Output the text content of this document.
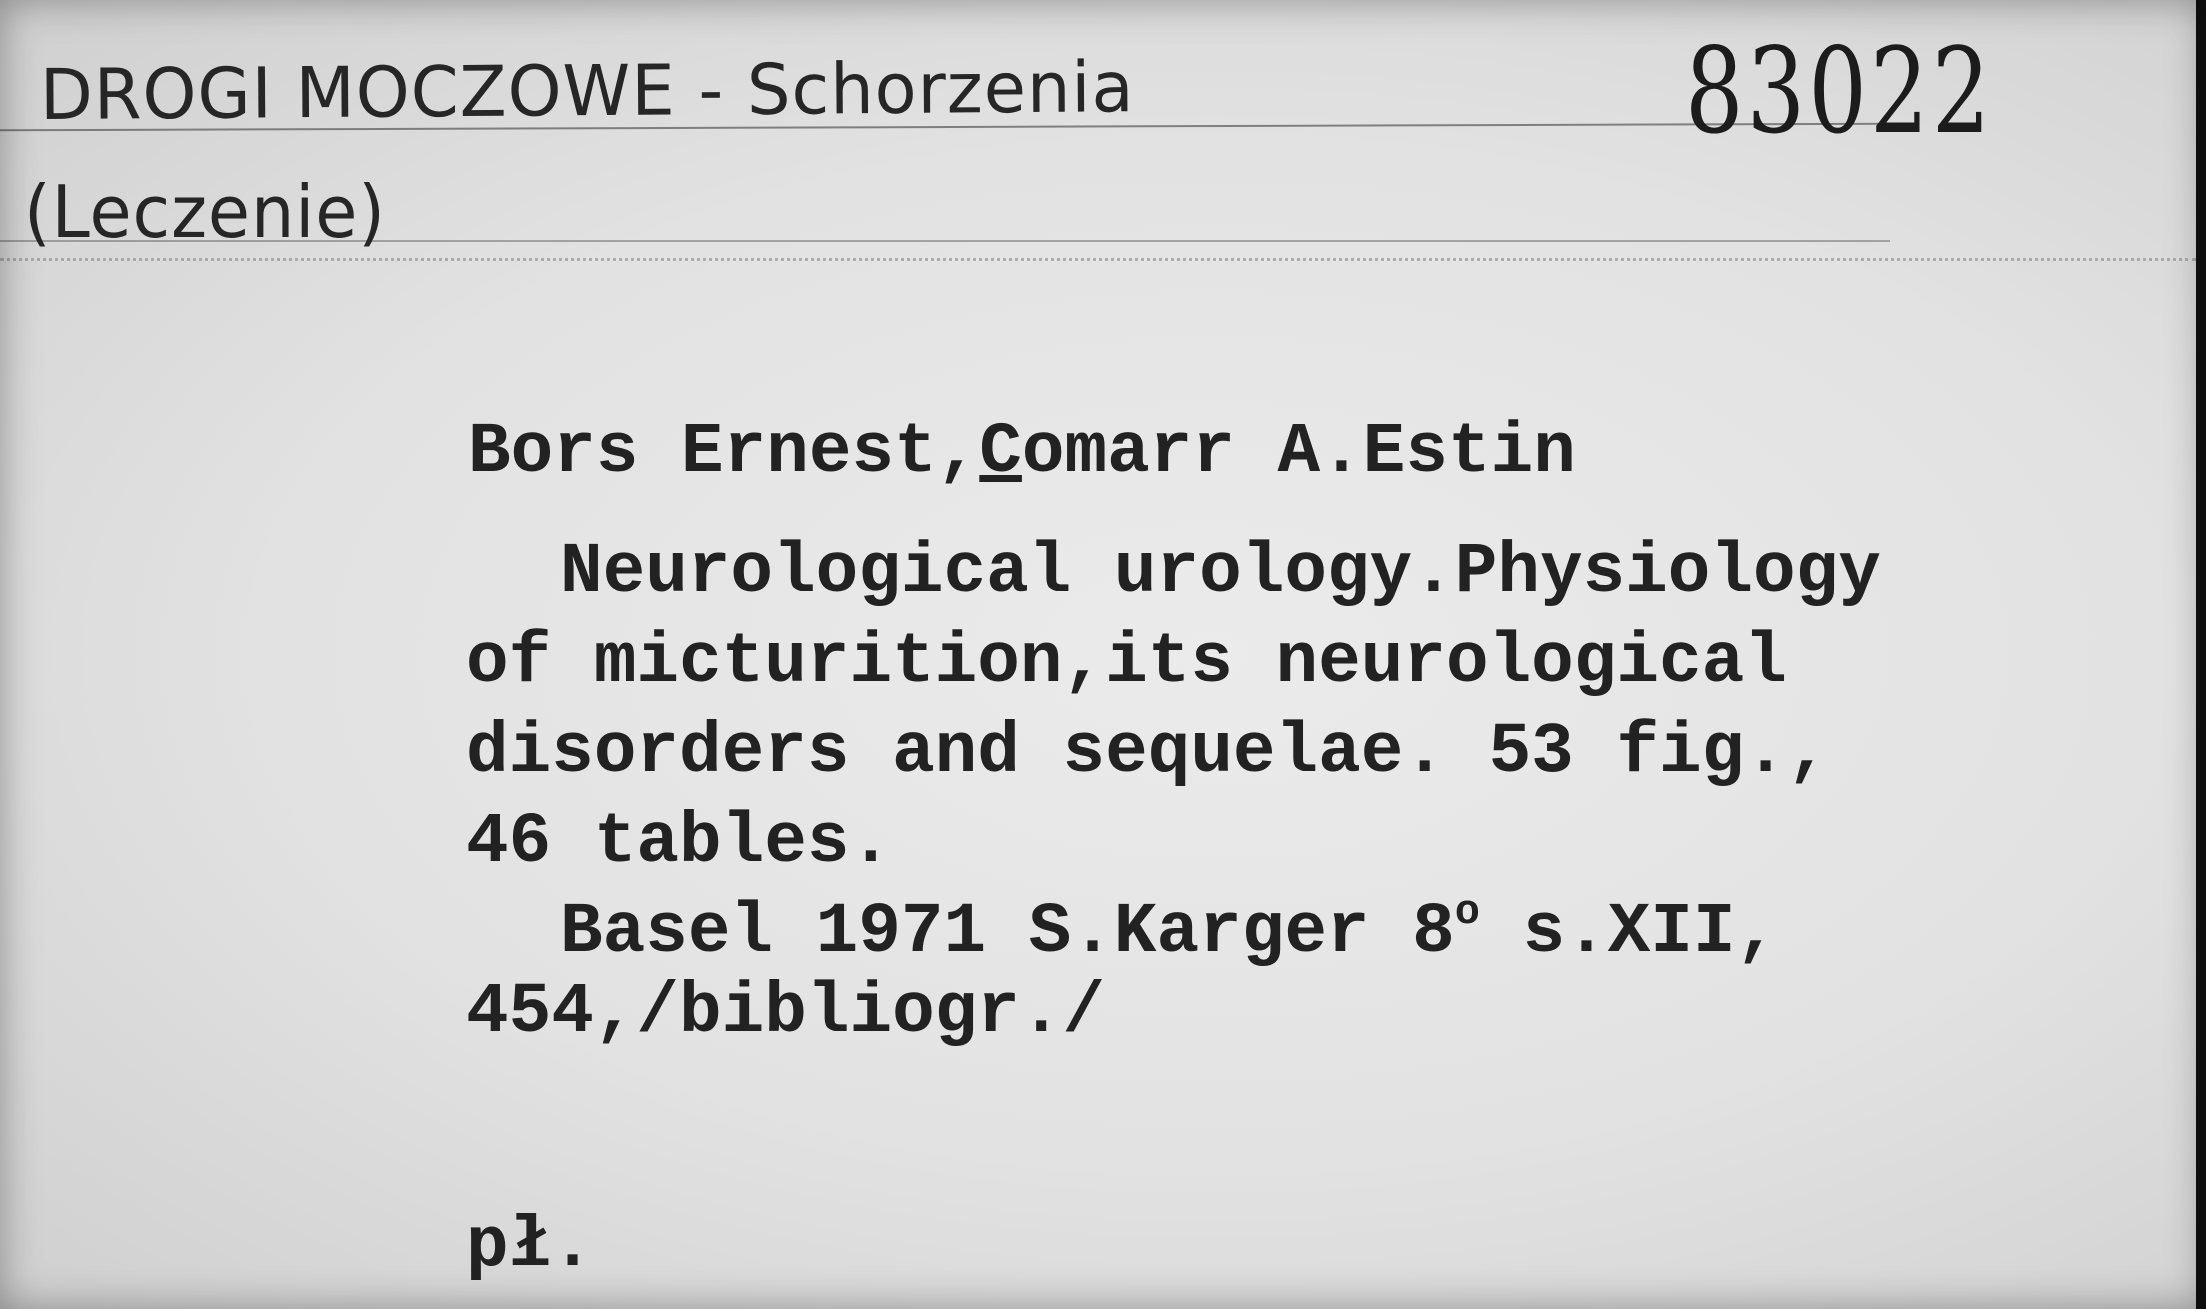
DROGI MOCZOWE - Schorzenia
(Leczenie)
83022
Bors Ernest,Comarr A.Estin
Neurological urology.Physiology
of micturition,its neurological
disorders and sequelae. 53 fig.,
46 tables.
Basel 1971 S.Karger 8$^o$ s.XII,
454,/bibliogr./
pł.
